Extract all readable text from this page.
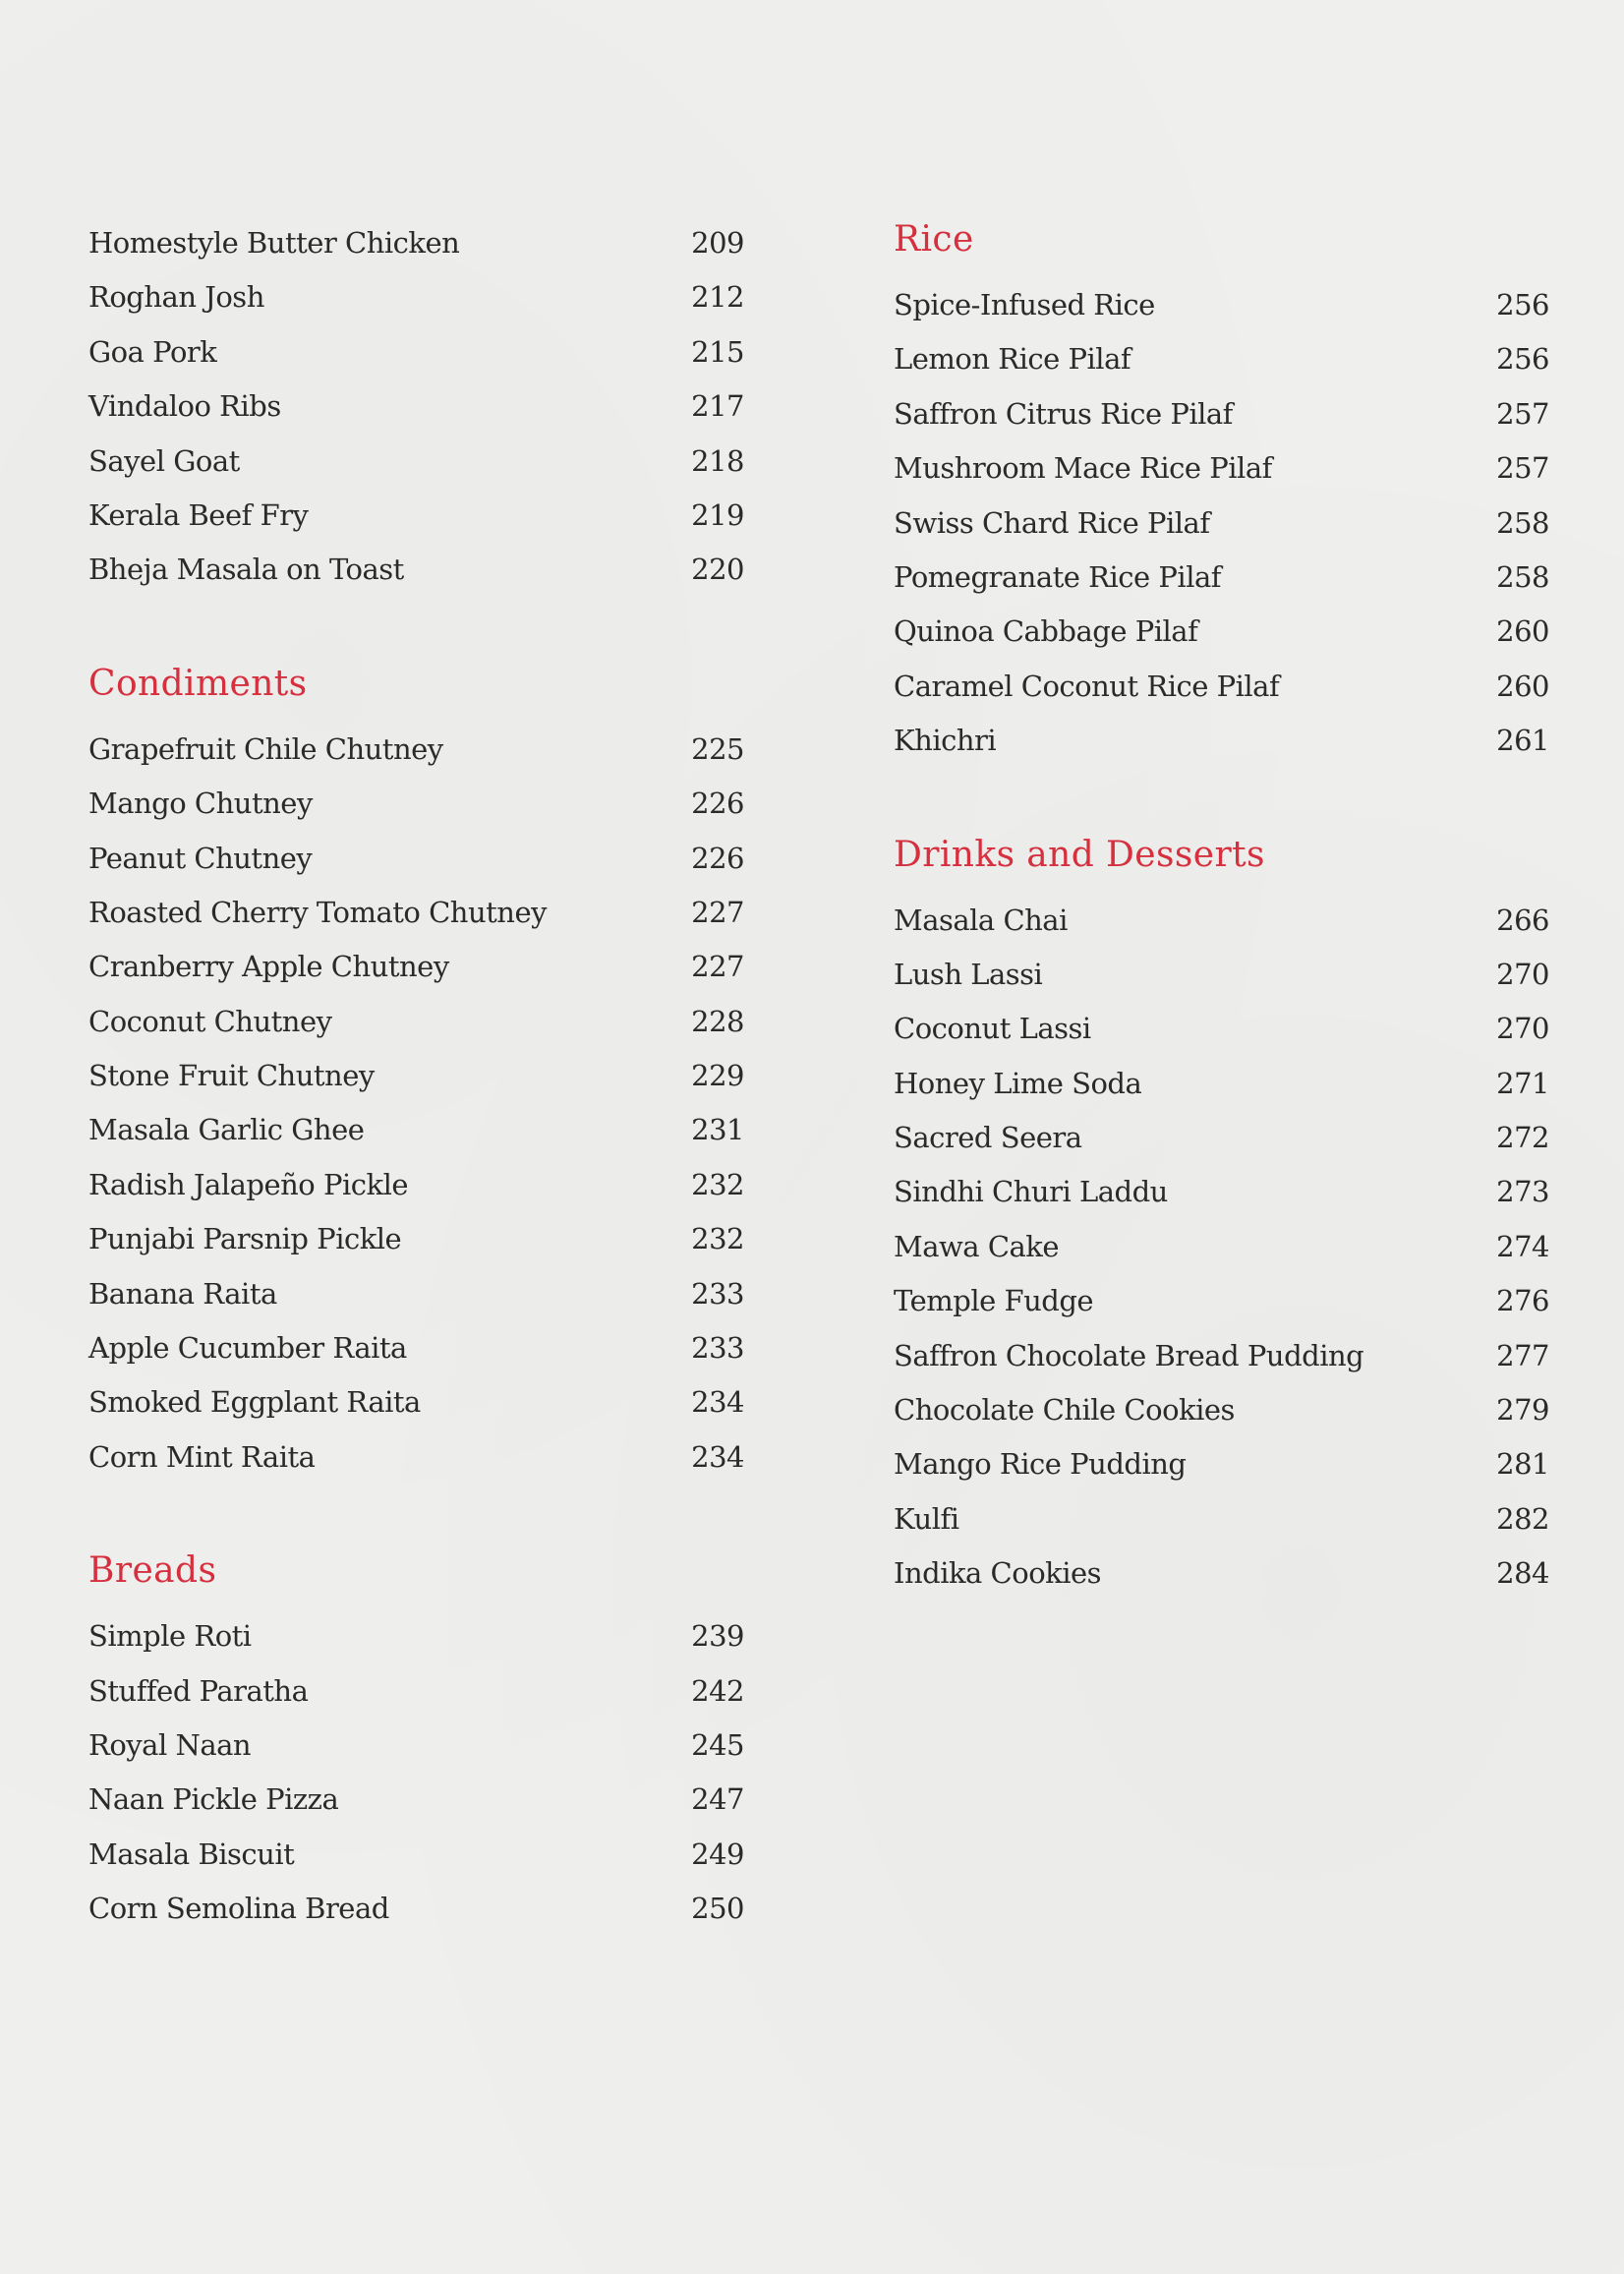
Homestyle Butter Chicken	209
Roghan Josh	212
Goa Pork	215
Vindaloo Ribs	217
Sayel Goat	218
Kerala Beef Fry	219
Bheja Masala on Toast	220
Condiments
Grapefruit Chile Chutney	225
Mango Chutney	226
Peanut Chutney	226
Roasted Cherry Tomato Chutney	227
Cranberry Apple Chutney	227
Coconut Chutney	228
Stone Fruit Chutney	229
Masala Garlic Ghee	231
Radish Jalapeño Pickle	232
Punjabi Parsnip Pickle	232
Banana Raita	233
Apple Cucumber Raita	233
Smoked Eggplant Raita	234
Corn Mint Raita	234
Breads
Simple Roti	239
Stuffed Paratha	242
Royal Naan	245
Naan Pickle Pizza	247
Masala Biscuit	249
Corn Semolina Bread	250
Rice
Spice-Infused Rice	256
Lemon Rice Pilaf	256
Saffron Citrus Rice Pilaf	257
Mushroom Mace Rice Pilaf	257
Swiss Chard Rice Pilaf	258
Pomegranate Rice Pilaf	258
Quinoa Cabbage Pilaf	260
Caramel Coconut Rice Pilaf	260
Khichri	261
Drinks and Desserts
Masala Chai	266
Lush Lassi	270
Coconut Lassi	270
Honey Lime Soda	271
Sacred Seera	272
Sindhi Churi Laddu	273
Mawa Cake	274
Temple Fudge	276
Saffron Chocolate Bread Pudding	277
Chocolate Chile Cookies	279
Mango Rice Pudding	281
Kulfi	282
Indika Cookies	284
